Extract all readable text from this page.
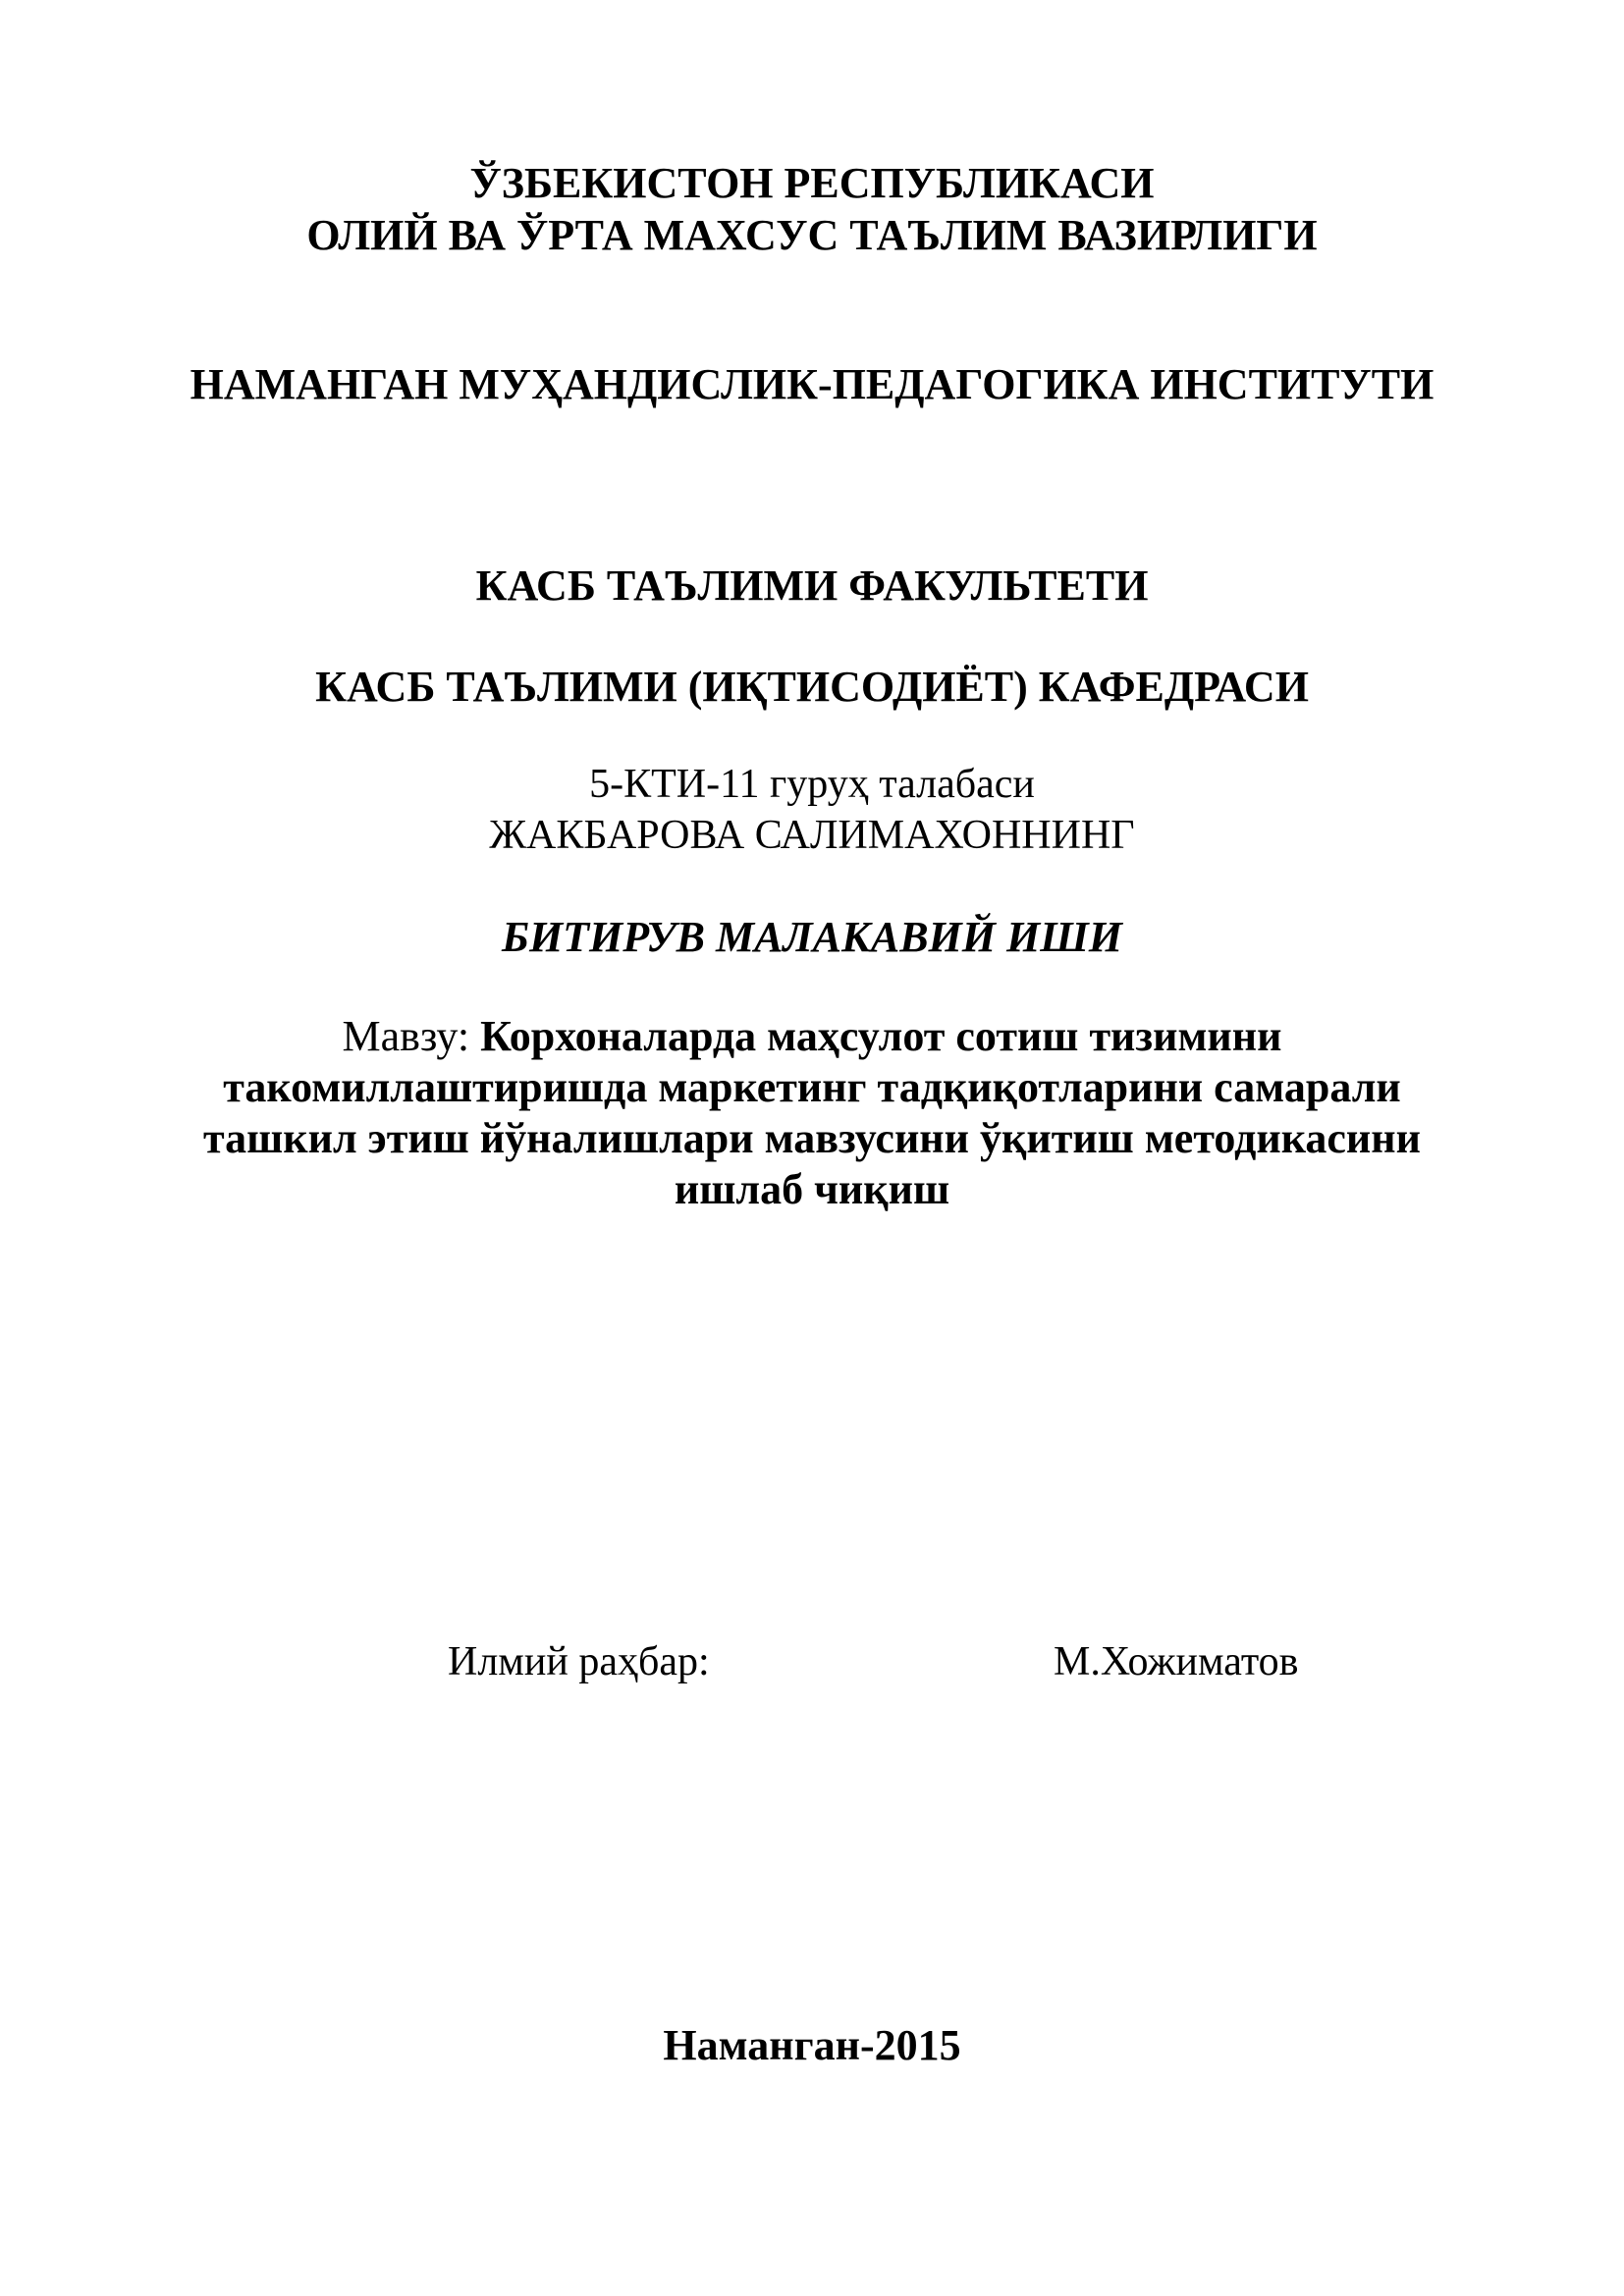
ЎЗБЕКИСТОН РЕСПУБЛИКАСИ
ОЛИЙ ВА ЎРТА МАХСУС ТАЪЛИМ ВАЗИРЛИГИ
НАМАНГАН МУҲАНДИСЛИК-ПЕДАГОГИКА ИНСТИТУТИ
КАСБ ТАЪЛИМИ ФАКУЛЬТЕТИ
КАСБ ТАЪЛИМИ (ИҚТИСОДИЁТ) КАФЕДРАСИ
5-КТИ-11 гуруҳ талабаси
ЖАКБАРОВА САЛИМАХОННИНГ
БИТИРУВ МАЛАКАВИЙ ИШИ
Мавзу: Корхоналарда маҳсулот сотиш тизимини
такомиллаштиришда маркетинг тадқиқотларини самарали
ташкил этиш йўналишлари мавзусини ўқитиш методикасини
ишлаб чиқиш
Илмий раҳбар:	М.Хожиматов
Наманган-2015
